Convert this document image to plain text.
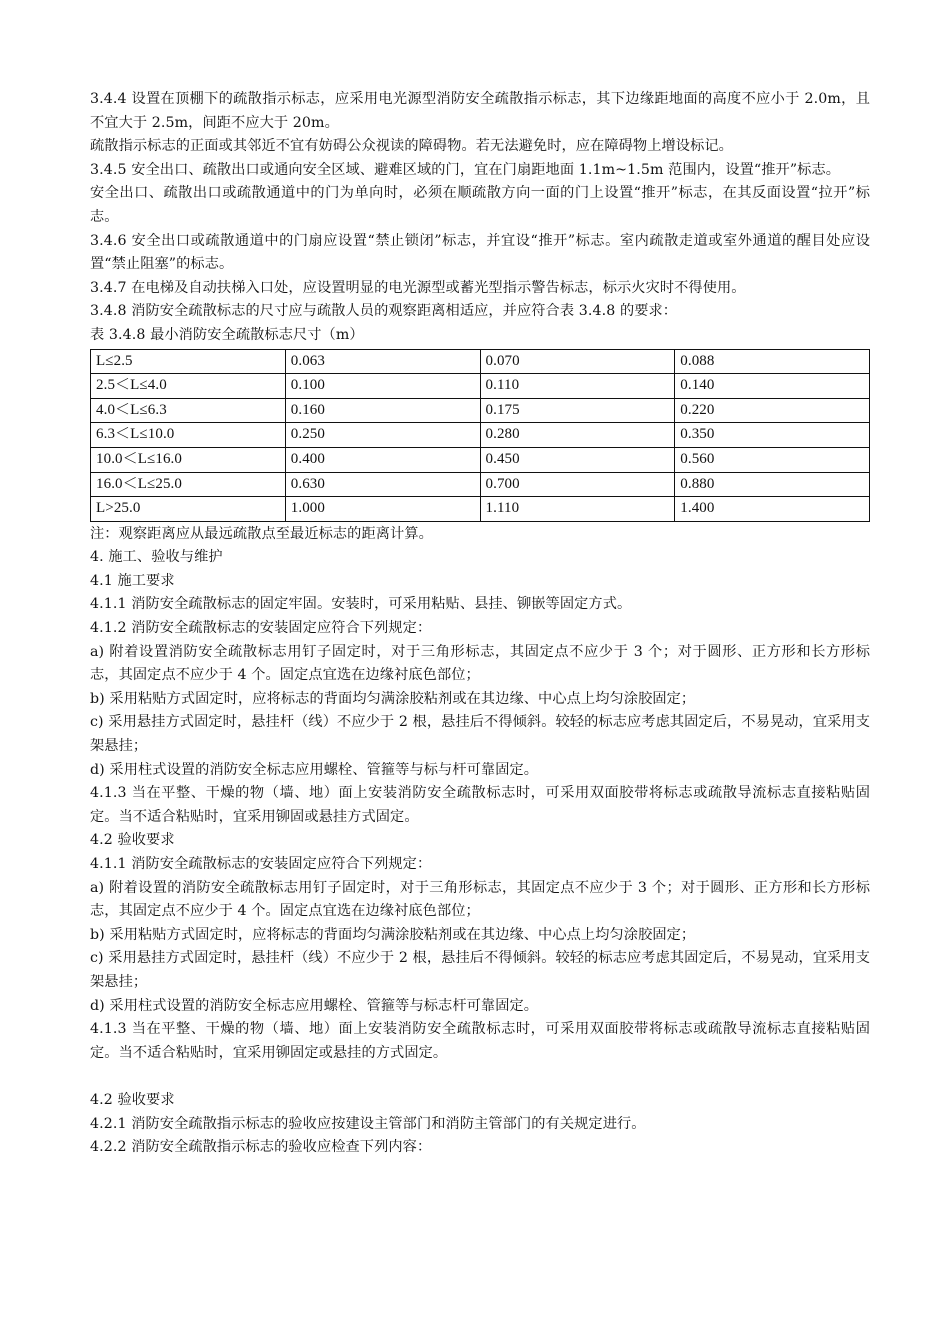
3.4.4 设置在顶棚下的疏散指示标志，应采用电光源型消防安全疏散指示标志，其下边缘距地面的高度不应小于 2.0m，且不宜大于 2.5m，间距不应大于 20m。

疏散指示标志的正面或其邻近不宜有妨碍公众视读的障碍物。若无法避免时，应在障碍物上增设标记。

3.4.5 安全出口、疏散出口或通向安全区域、避难区域的门，宜在门扇距地面 1.1m~1.5m 范围内，设置“推开”标志。

安全出口、疏散出口或疏散通道中的门为单向时，必须在顺疏散方向一面的门上设置“推开”标志，在其反面设置“拉开”标志。

3.4.6 安全出口或疏散通道中的门扇应设置“禁止锁闭”标志，并宜设“推开”标志。室内疏散走道或室外通道的醒目处应设置“禁止阻塞”的标志。

3.4.7 在电梯及自动扶梯入口处，应设置明显的电光源型或蓄光型指示警告标志，标示火灾时不得使用。

3.4.8 消防安全疏散标志的尺寸应与疏散人员的观察距离相适应，并应符合表 3.4.8 的要求：

表 3.4.8 最小消防安全疏散标志尺寸（m）

L≤2.5	0.063	0.070	0.088
2.5＜L≤4.0	0.100	0.110	0.140
4.0＜L≤6.3	0.160	0.175	0.220
6.3＜L≤10.0	0.250	0.280	0.350
10.0＜L≤16.0	0.400	0.450	0.560
16.0＜L≤25.0	0.630	0.700	0.880
L>25.0	1.000	1.110	1.400

注：观察距离应从最远疏散点至最近标志的距离计算。

4. 施工、验收与维护

4.1 施工要求

4.1.1 消防安全疏散标志的固定牢固。安装时，可采用粘贴、县挂、铆嵌等固定方式。

4.1.2 消防安全疏散标志的安装固定应符合下列规定：

a) 附着设置消防安全疏散标志用钉子固定时，对于三角形标志，其固定点不应少于 3 个；对于圆形、正方形和长方形标志，其固定点不应少于 4 个。固定点宜选在边缘衬底色部位；

b) 采用粘贴方式固定时，应将标志的背面均匀满涂胶粘剂或在其边缘、中心点上均匀涂胶固定；

c) 采用悬挂方式固定时，悬挂杆（线）不应少于 2 根，悬挂后不得倾斜。较轻的标志应考虑其固定后，不易晃动，宜采用支架悬挂；

d) 采用柱式设置的消防安全标志应用螺栓、管箍等与标与杆可靠固定。

4.1.3 当在平整、干燥的物（墙、地）面上安装消防安全疏散标志时，可采用双面胶带将标志或疏散导流标志直接粘贴固定。当不适合粘贴时，宜采用铆固或悬挂方式固定。

4.2 验收要求

4.1.1 消防安全疏散标志的安装固定应符合下列规定：

a) 附着设置的消防安全疏散标志用钉子固定时，对于三角形标志，其固定点不应少于 3 个；对于圆形、正方形和长方形标志，其固定点不应少于 4 个。固定点宜选在边缘衬底色部位；

b) 采用粘贴方式固定时，应将标志的背面均匀满涂胶粘剂或在其边缘、中心点上均匀涂胶固定；

c) 采用悬挂方式固定时，悬挂杆（线）不应少于 2 根，悬挂后不得倾斜。较轻的标志应考虑其固定后，不易晃动，宜采用支架悬挂；

d) 采用柱式设置的消防安全标志应用螺栓、管箍等与标志杆可靠固定。

4.1.3 当在平整、干燥的物（墙、地）面上安装消防安全疏散标志时，可采用双面胶带将标志或疏散导流标志直接粘贴固定。当不适合粘贴时，宜采用铆固定或悬挂的方式固定。

4.2 验收要求

4.2.1 消防安全疏散指示标志的验收应按建设主管部门和消防主管部门的有关规定进行。

4.2.2 消防安全疏散指示标志的验收应检查下列内容：
